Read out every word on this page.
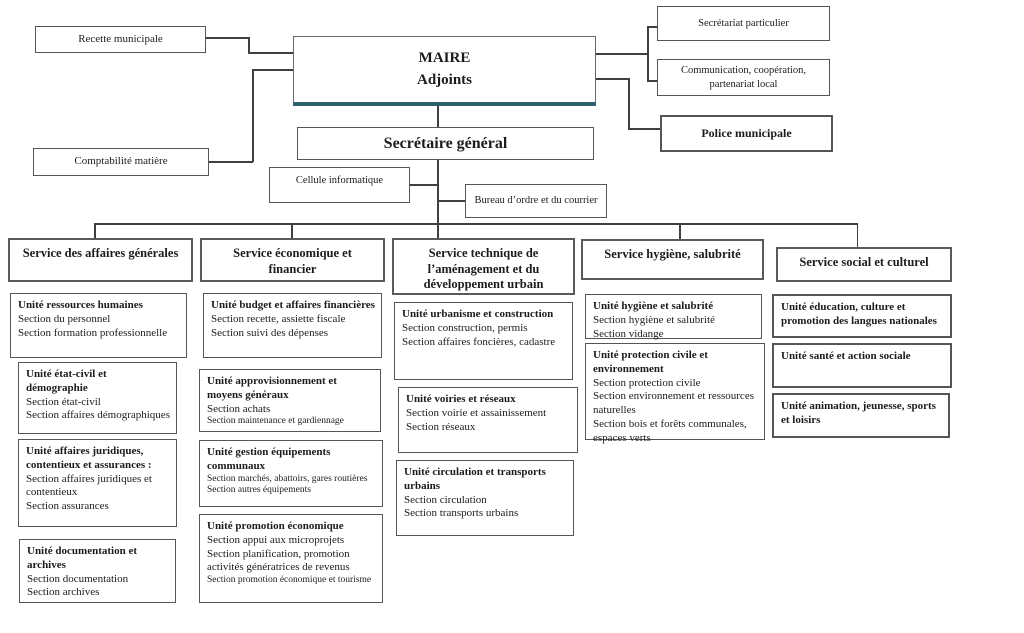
Recette municipale
MAIRE
Adjoints
Secrétariat particulier
Communication, coopération, partenariat local
Police municipale
Comptabilité matière
Secrétaire général
Cellule informatique
Bureau d’ordre et du courrier
Service des affaires générales	Service économique et financier
Service technique de l’aménagement et du développement urbain
Service hygiène, salubrité
Service social et culturel
Unité ressources humaines
Section du personnel
Section formation professionnelle
Unité état-civil et démographie
Section état-civil
Section affaires démographiques
Unité affaires juridiques, contentieux et assurances :
Section affaires juridiques et contentieux
Section assurances
Unité documentation et archives
Section documentation
Section archives
Unité budget et affaires financières
Section recette, assiette fiscale
Section suivi des dépenses
Unité approvisionnement et moyens généraux
Section achats
Section maintenance et gardiennage
Unité gestion équipements communaux
Section marchés, abattoirs, gares routières
Section autres équipements
Unité promotion économique
Section appui aux microprojets
Section planification, promotion activités génératrices de revenus
Section promotion économique et tourisme
Unité urbanisme et construction
Section construction, permis
Section affaires foncières, cadastre
Unité voiries et réseaux
Section voirie et assainissement
Section réseaux
Unité circulation et transports urbains
Section circulation
Section transports urbains
Unité hygiène et salubrité
Section hygiène et salubrité
Section vidange
Unité protection civile et environnement
Section protection civile
Section environnement et ressources naturelles
Section bois et forêts communales, espaces verts
Unité éducation, culture et promotion des langues nationales
Unité santé et action sociale
Unité animation, jeunesse, sports et loisirs
